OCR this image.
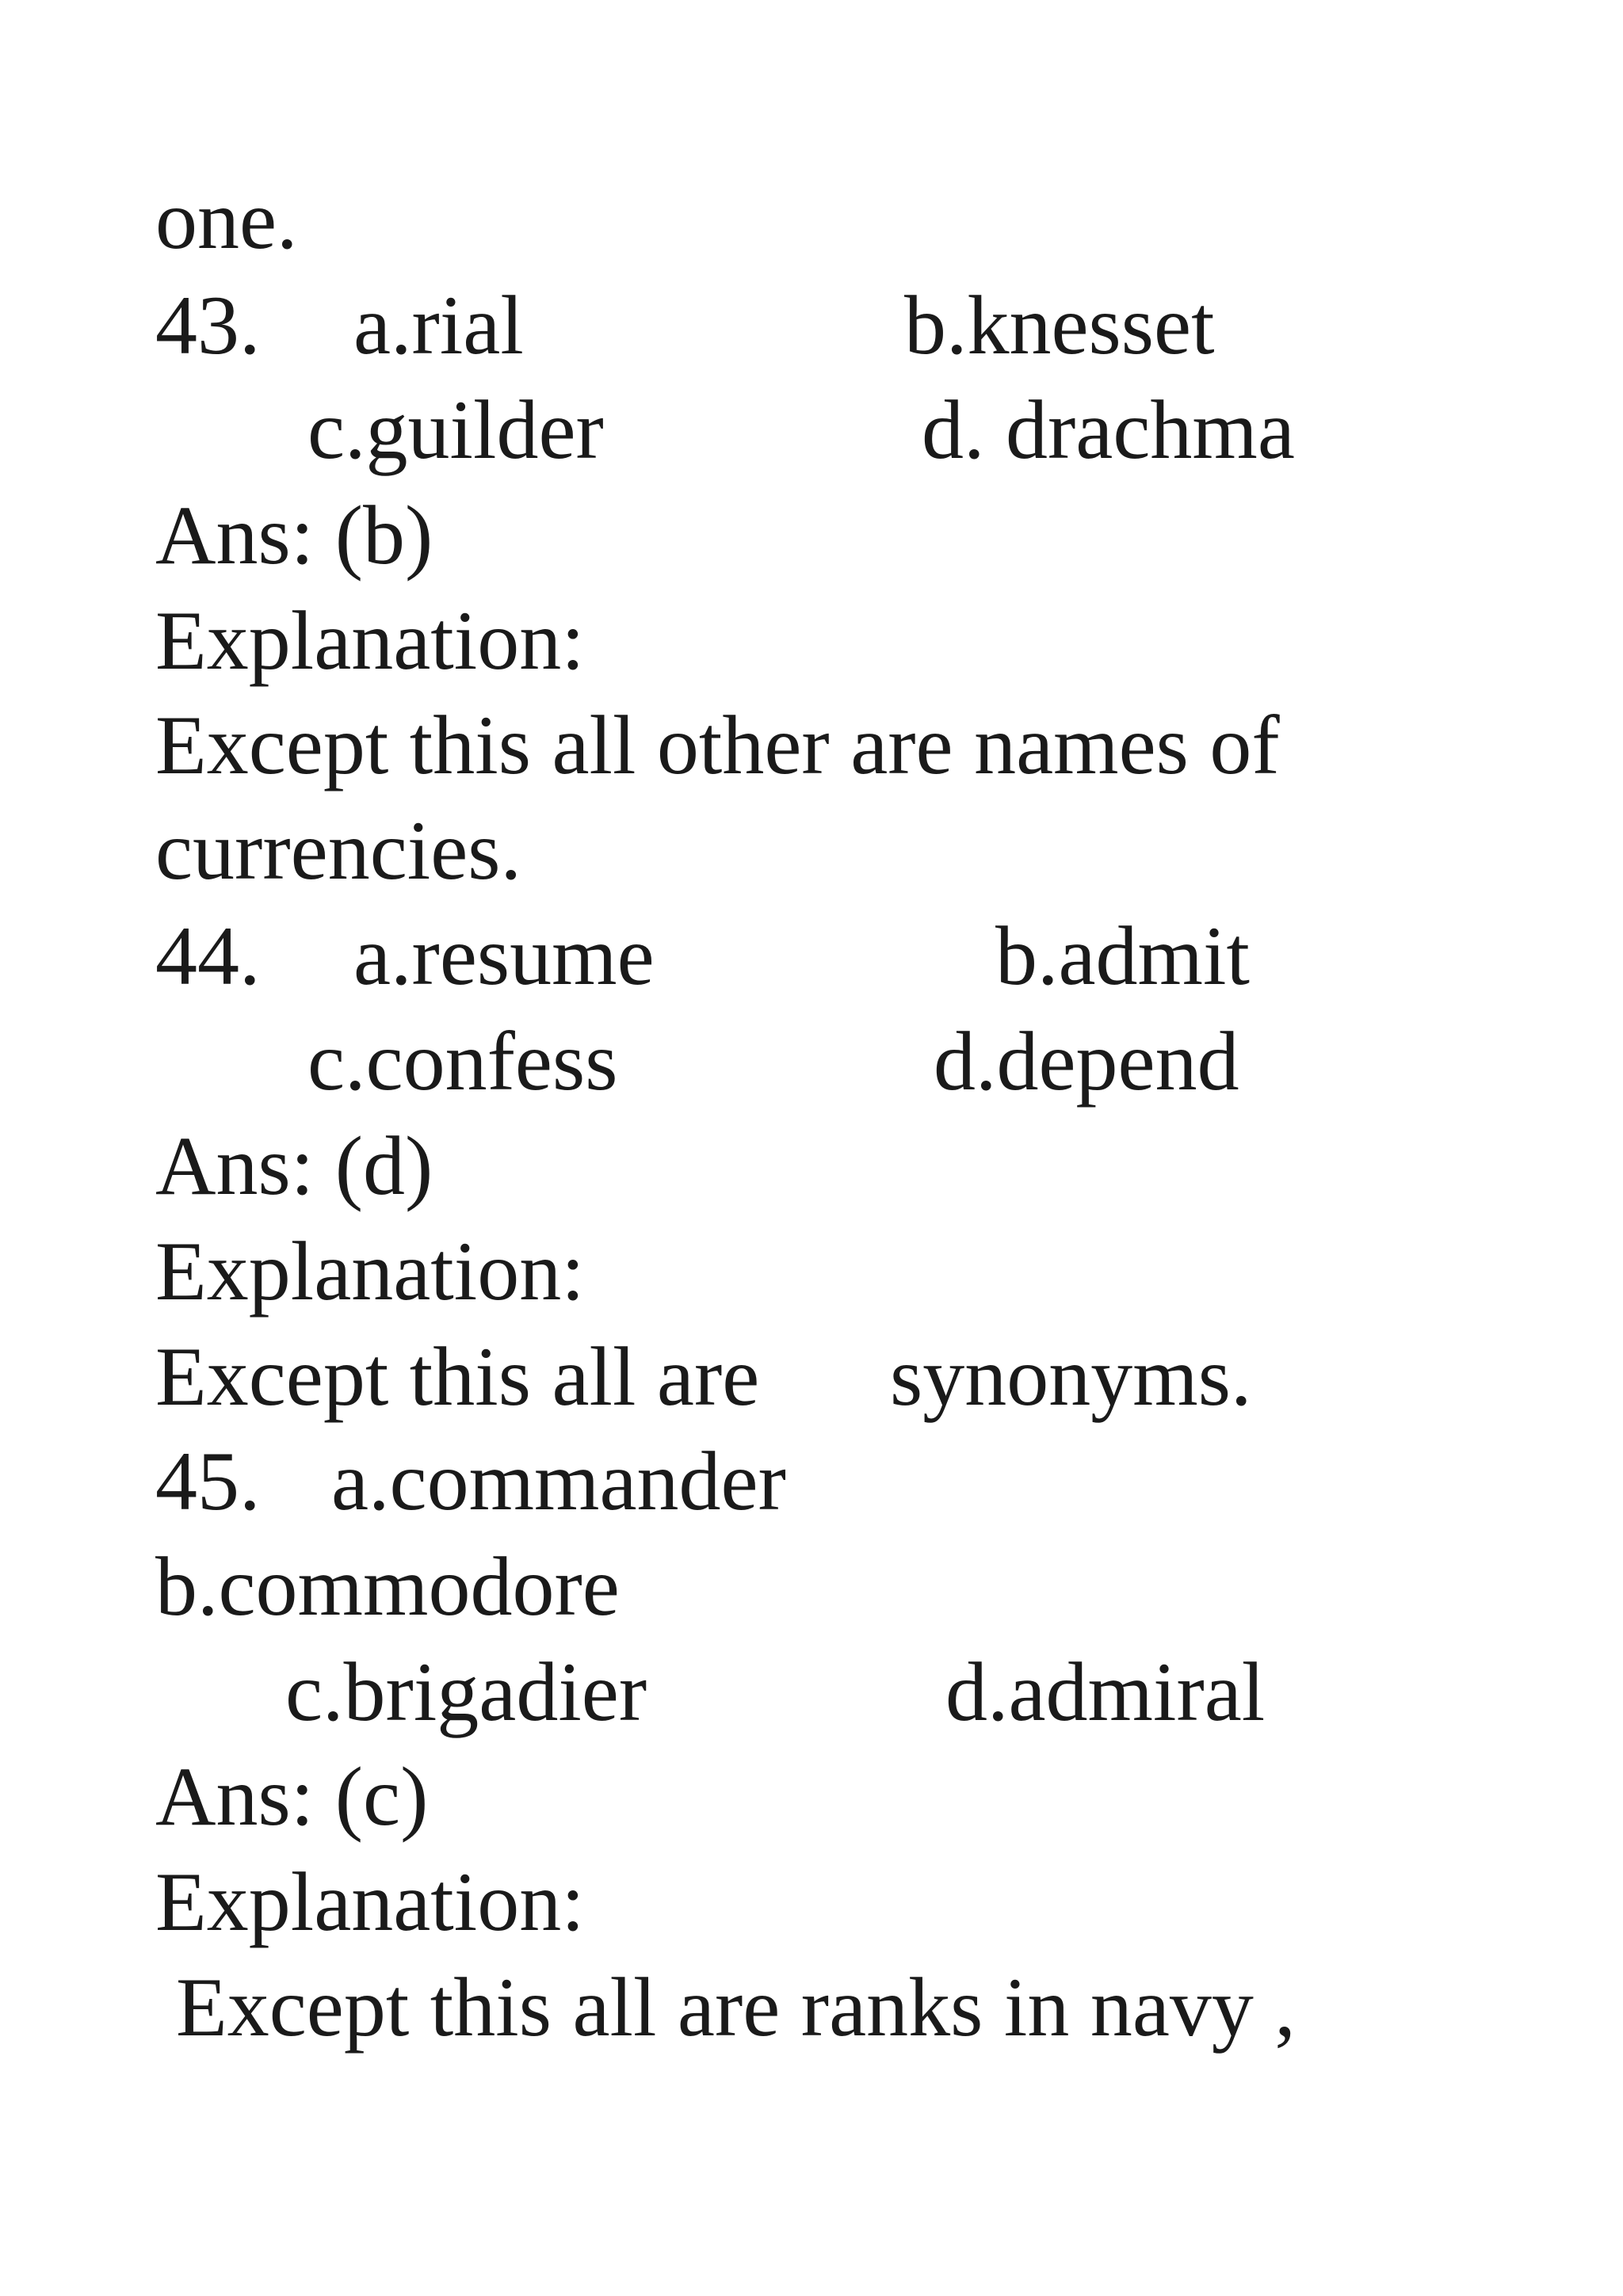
one.
43. a.rial	b.knesset
c.guilder	d. drachma
Ans: (b)
Explanation:
Except this all other are names of
currencies.
44. a.resume	b.admit
c.confess	d.depend
Ans: (d)
Explanation:
Except this all are synonyms.
45. a.commander
b.commodore
c.brigadier	d.admiral
Ans: (c)
Explanation:
Except this all are ranks in navy ,
